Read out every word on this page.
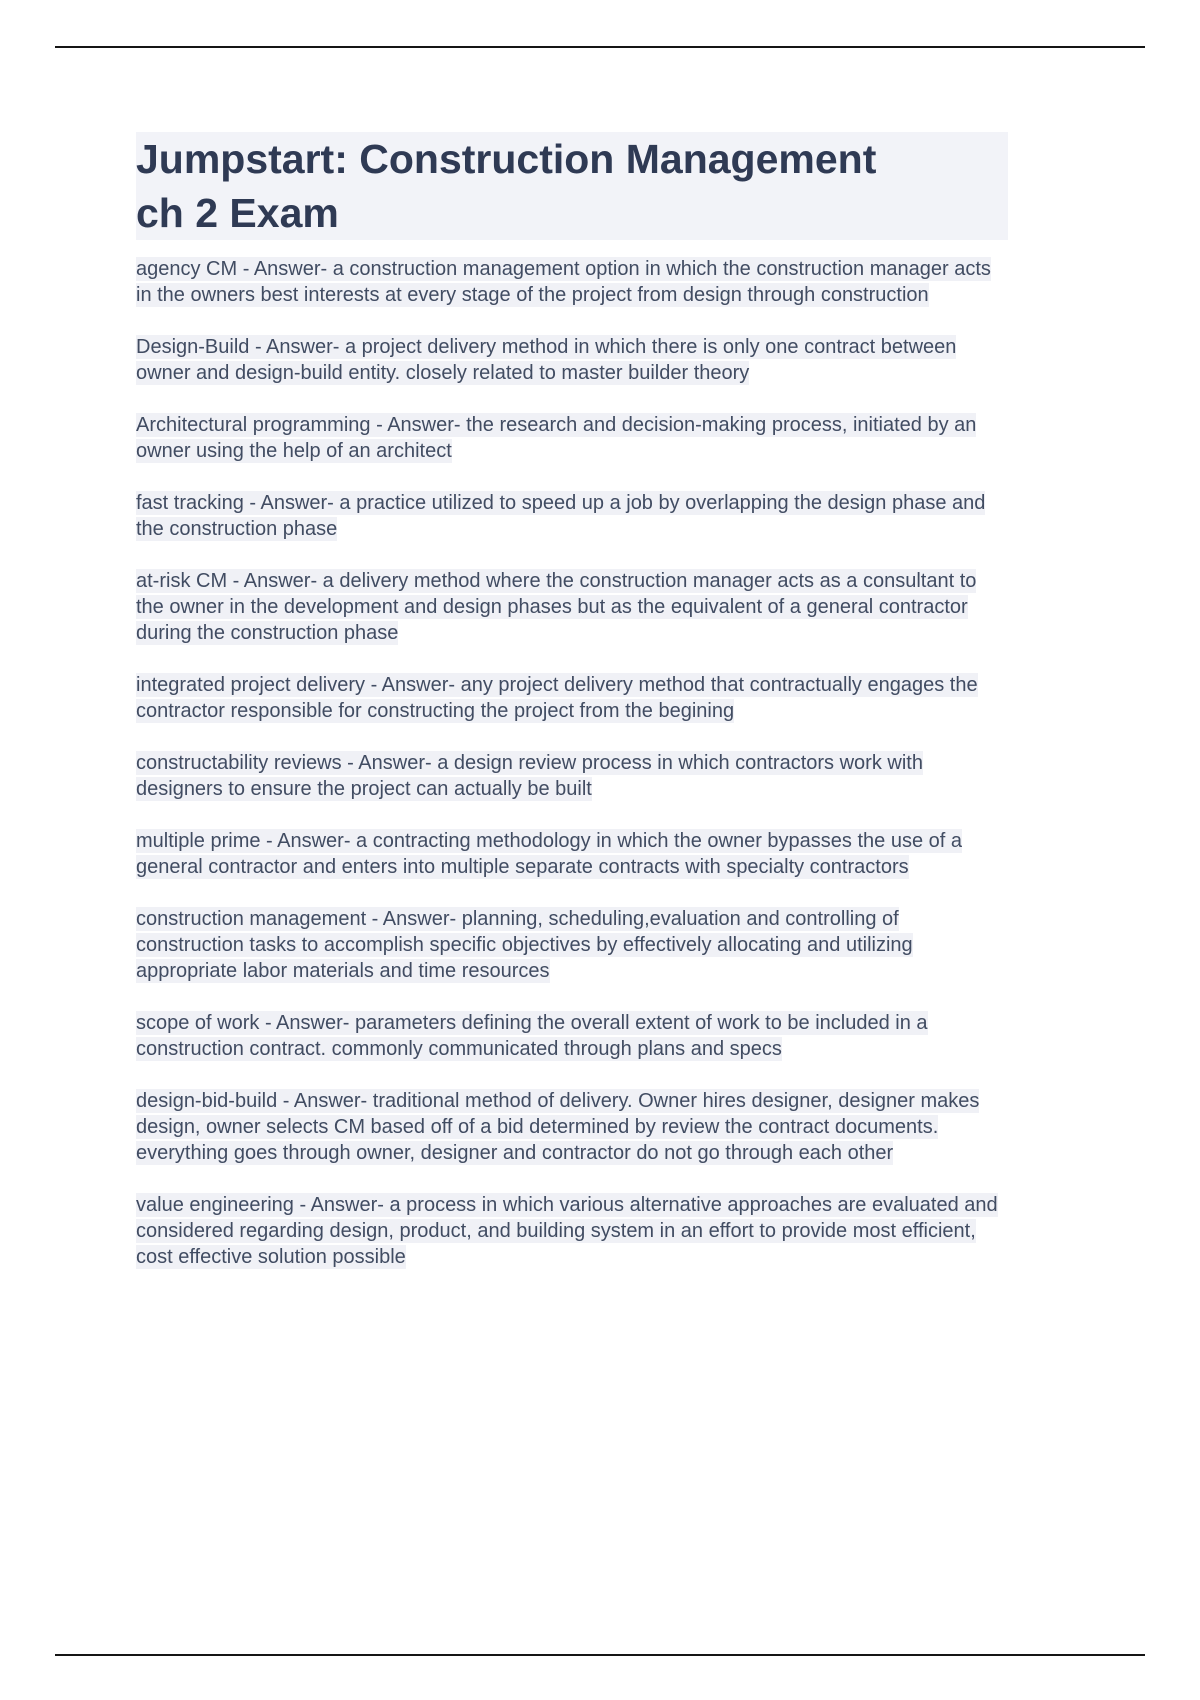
Jumpstart: Construction Management
ch 2 Exam

agency CM - Answer- a construction management option in which the construction manager acts in the owners best interests at every stage of the project from design through construction

Design-Build - Answer- a project delivery method in which there is only one contract between owner and design-build entity. closely related to master builder theory

Architectural programming - Answer- the research and decision-making process, initiated by an owner using the help of an architect

fast tracking - Answer- a practice utilized to speed up a job by overlapping the design phase and the construction phase

at-risk CM - Answer- a delivery method where the construction manager acts as a consultant to the owner in the development and design phases but as the equivalent of a general contractor during the construction phase

integrated project delivery - Answer- any project delivery method that contractually engages the contractor responsible for constructing the project from the begining

constructability reviews - Answer- a design review process in which contractors work with designers to ensure the project can actually be built

multiple prime - Answer- a contracting methodology in which the owner bypasses the use of a general contractor and enters into multiple separate contracts with specialty contractors

construction management - Answer- planning, scheduling,evaluation and controlling of construction tasks to accomplish specific objectives by effectively allocating and utilizing appropriate labor materials and time resources

scope of work - Answer- parameters defining the overall extent of work to be included in a construction contract. commonly communicated through plans and specs

design-bid-build - Answer- traditional method of delivery. Owner hires designer, designer makes design, owner selects CM based off of a bid determined by review the contract documents. everything goes through owner, designer and contractor do not go through each other

value engineering - Answer- a process in which various alternative approaches are evaluated and considered regarding design, product, and building system in an effort to provide most efficient, cost effective solution possible
